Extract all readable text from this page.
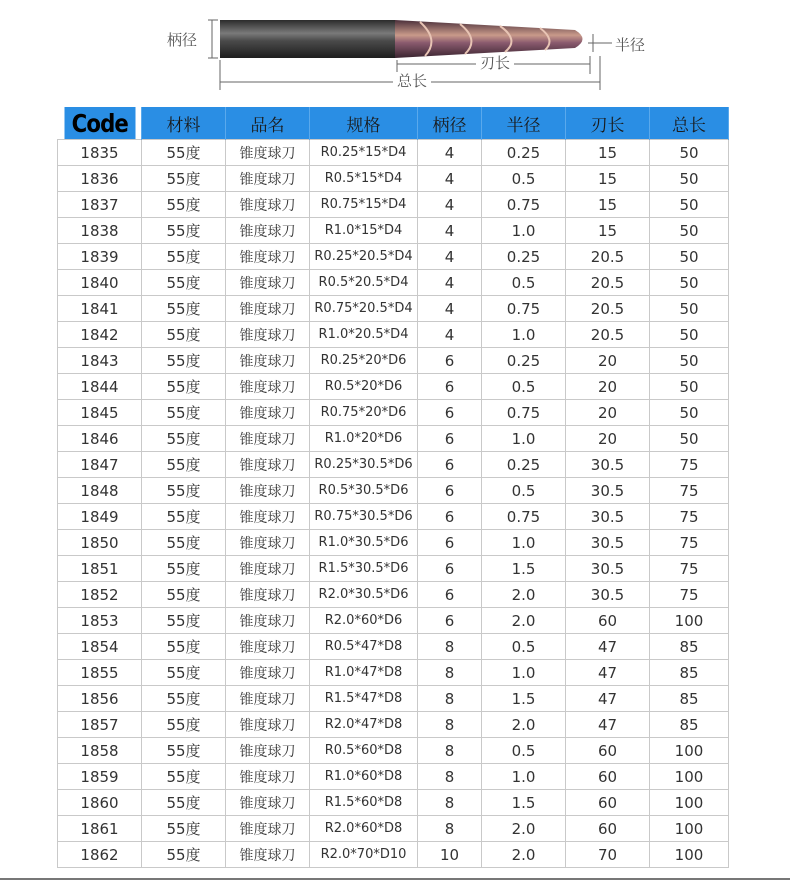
柄径	半径
刃长
总长
Code	材料	品名	规格	柄径	半径	刃长	总长
1835	55度	锥度球刀	R0.25*15*D4	4	0.25	15	50
1836	55度	锥度球刀	R0.5*15*D4	4	0.5	15	50
1837	55度	锥度球刀	R0.75*15*D4	4	0.75	15	50
1838	55度	锥度球刀	R1.0*15*D4	4	1.0	15	50
1839	55度	锥度球刀	R0.25*20.5*D4	4	0.25	20.5	50
1840	55度	锥度球刀	R0.5*20.5*D4	4	0.5	20.5	50
1841	55度	锥度球刀	R0.75*20.5*D4	4	0.75	20.5	50
1842	55度	锥度球刀	R1.0*20.5*D4	4	1.0	20.5	50
1843	55度	锥度球刀	R0.25*20*D6	6	0.25	20	50
1844	55度	锥度球刀	R0.5*20*D6	6	0.5	20	50
1845	55度	锥度球刀	R0.75*20*D6	6	0.75	20	50
1846	55度	锥度球刀	R1.0*20*D6	6	1.0	20	50
1847	55度	锥度球刀	R0.25*30.5*D6	6	0.25	30.5	75
1848	55度	锥度球刀	R0.5*30.5*D6	6	0.5	30.5	75
1849	55度	锥度球刀	R0.75*30.5*D6	6	0.75	30.5	75
1850	55度	锥度球刀	R1.0*30.5*D6	6	1.0	30.5	75
1851	55度	锥度球刀	R1.5*30.5*D6	6	1.5	30.5	75
1852	55度	锥度球刀	R2.0*30.5*D6	6	2.0	30.5	75
1853	55度	锥度球刀	R2.0*60*D6	6	2.0	60	100
1854	55度	锥度球刀	R0.5*47*D8	8	0.5	47	85
1855	55度	锥度球刀	R1.0*47*D8	8	1.0	47	85
1856	55度	锥度球刀	R1.5*47*D8	8	1.5	47	85
1857	55度	锥度球刀	R2.0*47*D8	8	2.0	47	85
1858	55度	锥度球刀	R0.5*60*D8	8	0.5	60	100
1859	55度	锥度球刀	R1.0*60*D8	8	1.0	60	100
1860	55度	锥度球刀	R1.5*60*D8	8	1.5	60	100
1861	55度	锥度球刀	R2.0*60*D8	8	2.0	60	100
1862	55度	锥度球刀	R2.0*70*D10	10	2.0	70	100
